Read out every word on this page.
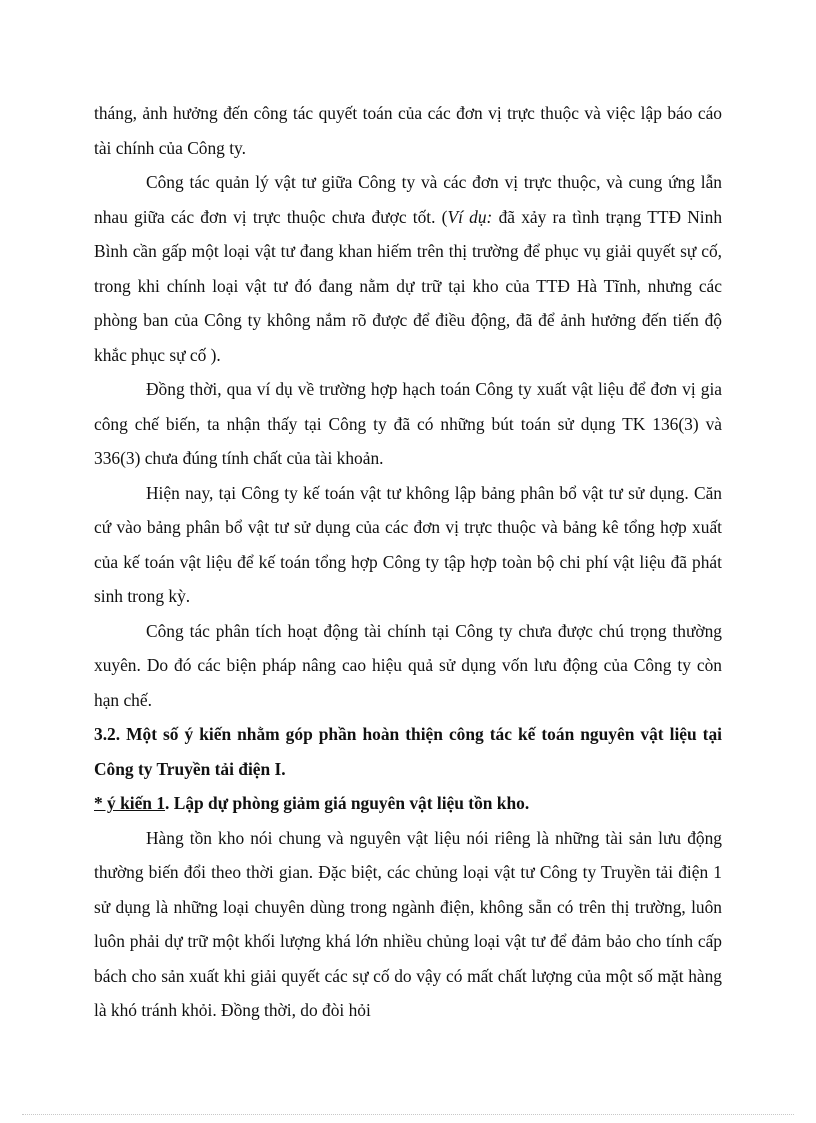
tháng, ảnh hưởng đến công tác quyết toán của các đơn vị trực thuộc và việc lập báo cáo tài chính của Công ty.

Công tác quản lý vật tư giữa Công ty và các đơn vị trực thuộc, và cung ứng lẫn nhau giữa các đơn vị trực thuộc chưa được tốt. (Ví dụ: đã xảy ra tình trạng TTĐ Ninh Bình cần gấp một loại vật tư đang khan hiếm trên thị trường để phục vụ giải quyết sự cố, trong khi chính loại vật tư đó đang nằm dự trữ tại kho của TTĐ Hà Tĩnh, nhưng các phòng ban của Công ty không nắm rõ được để điều động, đã để ảnh hưởng đến tiến độ khắc phục sự cố ).

Đồng thời, qua ví dụ về trường hợp hạch toán Công ty xuất vật liệu để đơn vị gia công chế biến, ta nhận thấy tại Công ty đã có những bút toán sử dụng TK 136(3) và 336(3) chưa đúng tính chất của tài khoản.

Hiện nay, tại Công ty kế toán vật tư không lập bảng phân bổ vật tư sử dụng. Căn cứ vào bảng phân bổ vật tư sử dụng của các đơn vị trực thuộc và bảng kê tổng hợp xuất của kế toán vật liệu để kế toán tổng hợp Công ty tập hợp toàn bộ chi phí vật liệu đã phát sinh trong kỳ.

Công tác phân tích hoạt động tài chính tại Công ty chưa được chú trọng thường xuyên. Do đó các biện pháp nâng cao hiệu quả sử dụng vốn lưu động của Công ty còn hạn chế.

3.2. Một số ý kiến nhằm góp phần hoàn thiện công tác kế toán nguyên vật liệu tại Công ty Truyền tải điện I.

* ý kiến 1. Lập dự phòng giảm giá nguyên vật liệu tồn kho.

Hàng tồn kho nói chung và nguyên vật liệu nói riêng là những tài sản lưu động thường biến đổi theo thời gian. Đặc biệt, các chủng loại vật tư Công ty Truyền tải điện 1 sử dụng là những loại chuyên dùng trong ngành điện, không sẵn có trên thị trường, luôn luôn phải dự trữ một khối lượng khá lớn nhiều chủng loại vật tư để đảm bảo cho tính cấp bách cho sản xuất khi giải quyết các sự cố do vậy có mất chất lượng của một số mặt hàng là khó tránh khỏi. Đồng thời, do đòi hỏi
